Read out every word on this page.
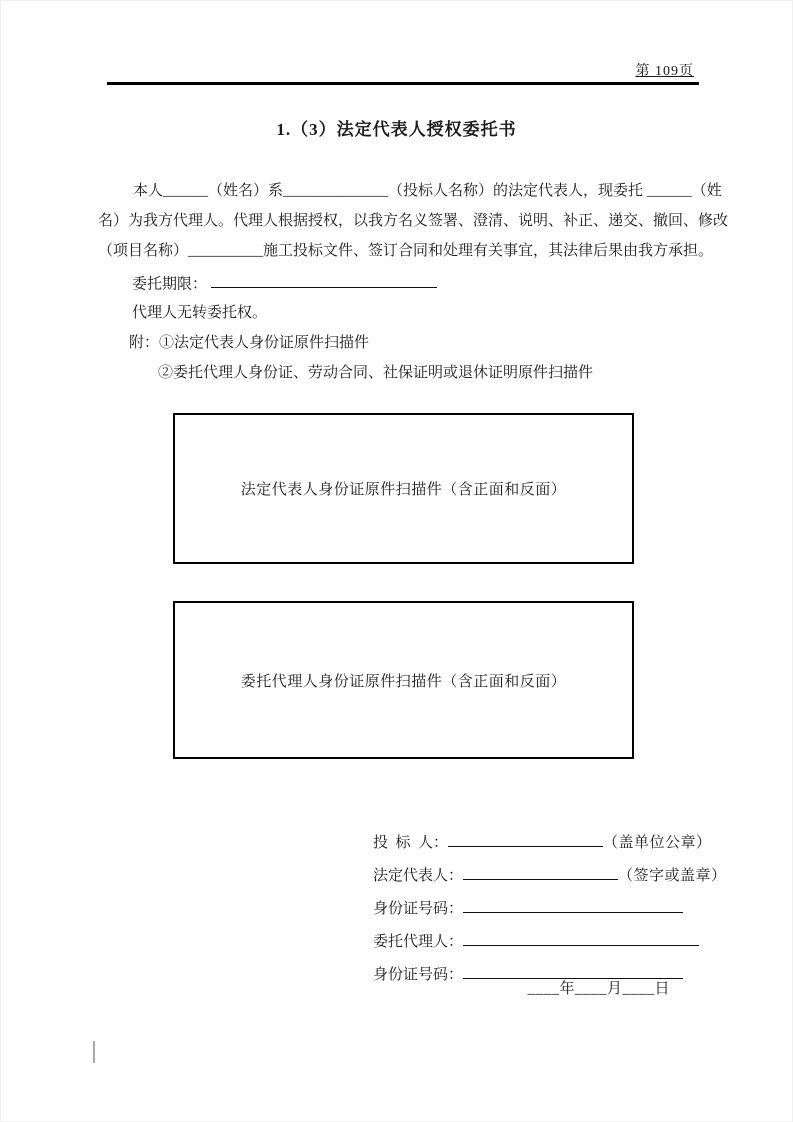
第 109页
1.（3）法定代表人授权委托书
本人______（姓名）系______________（投标人名称）的法定代表人，现委托 ______（姓
名）为我方代理人。代理人根据授权，以我方名义签署、澄清、说明、补正、递交、撤回、修改
（项目名称）__________施工投标文件、签订合同和处理有关事宜，其法律后果由我方承担。
委托期限：
代理人无转委托权。
附：①法定代表人身份证原件扫描件
②委托代理人身份证、劳动合同、社保证明或退休证明原件扫描件
法定代表人身份证原件扫描件（含正面和反面）
委托代理人身份证原件扫描件（含正面和反面）

投  标  人：	（盖单位公章）

法定代表人：	（签字或盖章）

身份证号码：

委托代理人：

身份证号码：

____年____月____日
